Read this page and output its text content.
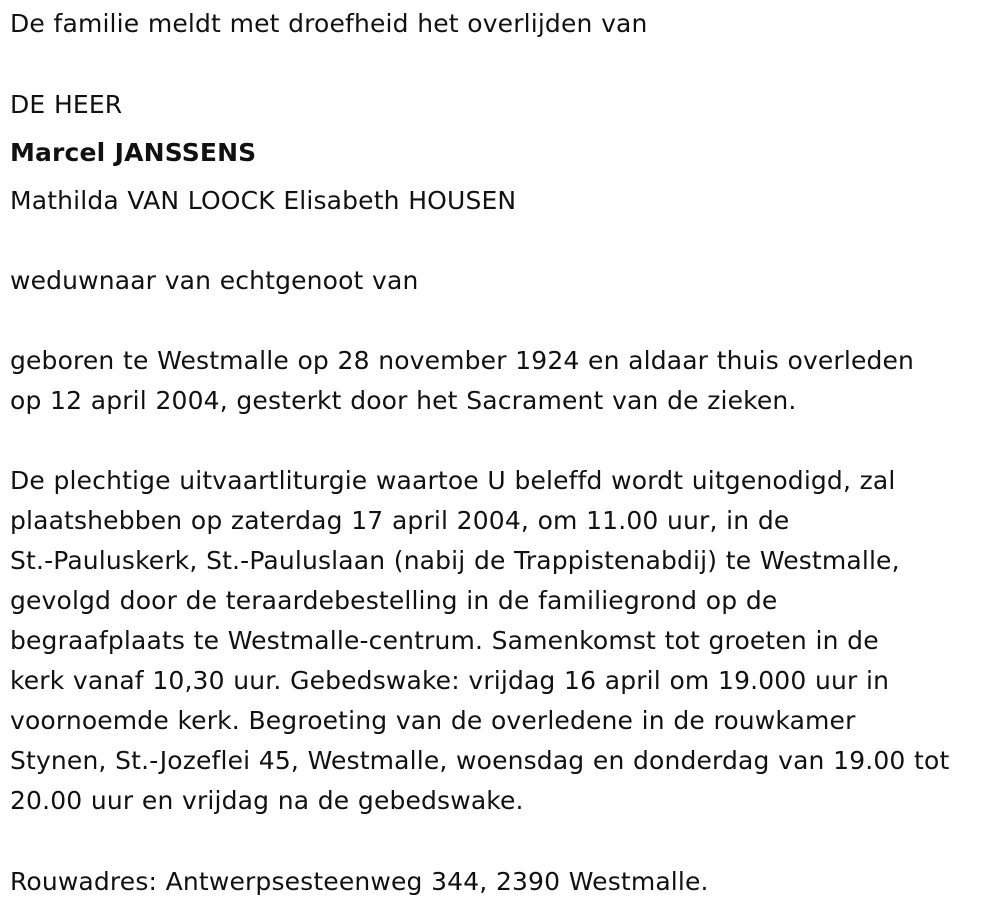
De familie meldt met droefheid het overlijden van
DE HEER
Marcel JANSSENS
Mathilda VAN LOOCK Elisabeth HOUSEN
weduwnaar van echtgenoot van
geboren te Westmalle op 28 november 1924 en aldaar thuis overleden
op 12 april 2004, gesterkt door het Sacrament van de zieken.
De plechtige uitvaartliturgie waartoe U beleffd wordt uitgenodigd, zal
plaatshebben op zaterdag 17 april 2004, om 11.00 uur, in de
St.-Pauluskerk, St.-Pauluslaan (nabij de Trappistenabdij) te Westmalle,
gevolgd door de teraardebestelling in de familiegrond op de
begraafplaats te Westmalle-centrum. Samenkomst tot groeten in de
kerk vanaf 10,30 uur. Gebedswake: vrijdag 16 april om 19.000 uur in
voornoemde kerk. Begroeting van de overledene in de rouwkamer
Stynen, St.-Jozeflei 45, Westmalle, woensdag en donderdag van 19.00 tot
20.00 uur en vrijdag na de gebedswake.
Rouwadres: Antwerpsesteenweg 344, 2390 Westmalle.
